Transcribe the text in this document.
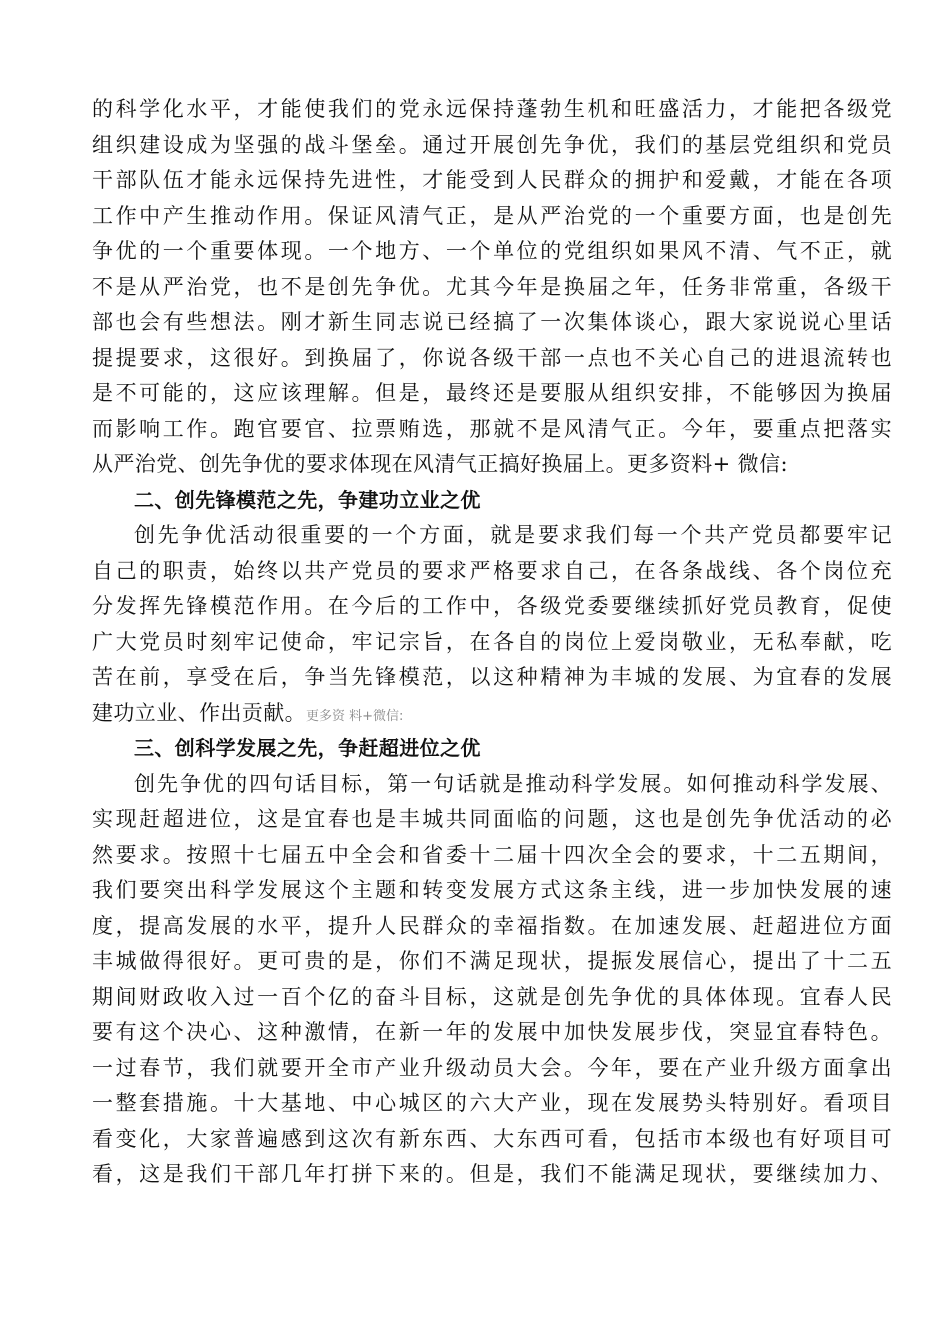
的科学化水平，才能使我们的党永远保持蓬勃生机和旺盛活力，才能把各级党
组织建设成为坚强的战斗堡垒。通过开展创先争优，我们的基层党组织和党员
干部队伍才能永远保持先进性，才能受到人民群众的拥护和爱戴，才能在各项
工作中产生推动作用。保证风清气正，是从严治党的一个重要方面，也是创先
争优的一个重要体现。一个地方、一个单位的党组织如果风不清、气不正，就
不是从严治党，也不是创先争优。尤其今年是换届之年，任务非常重，各级干
部也会有些想法。刚才新生同志说已经搞了一次集体谈心，跟大家说说心里话
提提要求，这很好。到换届了，你说各级干部一点也不关心自己的进退流转也
是不可能的，这应该理解。但是，最终还是要服从组织安排，不能够因为换届
而影响工作。跑官要官、拉票贿选，那就不是风清气正。今年，要重点把落实
从严治党、创先争优的要求体现在风清气正搞好换届上。更多资料+ 微信:
二、创先锋模范之先，争建功立业之优
创先争优活动很重要的一个方面，就是要求我们每一个共产党员都要牢记
自己的职责，始终以共产党员的要求严格要求自己，在各条战线、各个岗位充
分发挥先锋模范作用。在今后的工作中，各级党委要继续抓好党员教育，促使
广大党员时刻牢记使命，牢记宗旨，在各自的岗位上爱岗敬业，无私奉献，吃
苦在前，享受在后，争当先锋模范，以这种精神为丰城的发展、为宜春的发展
建功立业、作出贡献。更多资 料+微信:
三、创科学发展之先，争赶超进位之优
创先争优的四句话目标，第一句话就是推动科学发展。如何推动科学发展、
实现赶超进位，这是宜春也是丰城共同面临的问题，这也是创先争优活动的必
然要求。按照十七届五中全会和省委十二届十四次全会的要求，十二五期间，
我们要突出科学发展这个主题和转变发展方式这条主线，进一步加快发展的速
度，提高发展的水平，提升人民群众的幸福指数。在加速发展、赶超进位方面
丰城做得很好。更可贵的是，你们不满足现状，提振发展信心，提出了十二五
期间财政收入过一百个亿的奋斗目标，这就是创先争优的具体体现。宜春人民
要有这个决心、这种激情，在新一年的发展中加快发展步伐，突显宜春特色。
一过春节，我们就要开全市产业升级动员大会。今年，要在产业升级方面拿出
一整套措施。十大基地、中心城区的六大产业，现在发展势头特别好。看项目
看变化，大家普遍感到这次有新东西、大东西可看，包括市本级也有好项目可
看，这是我们干部几年打拼下来的。但是，我们不能满足现状，要继续加力、
